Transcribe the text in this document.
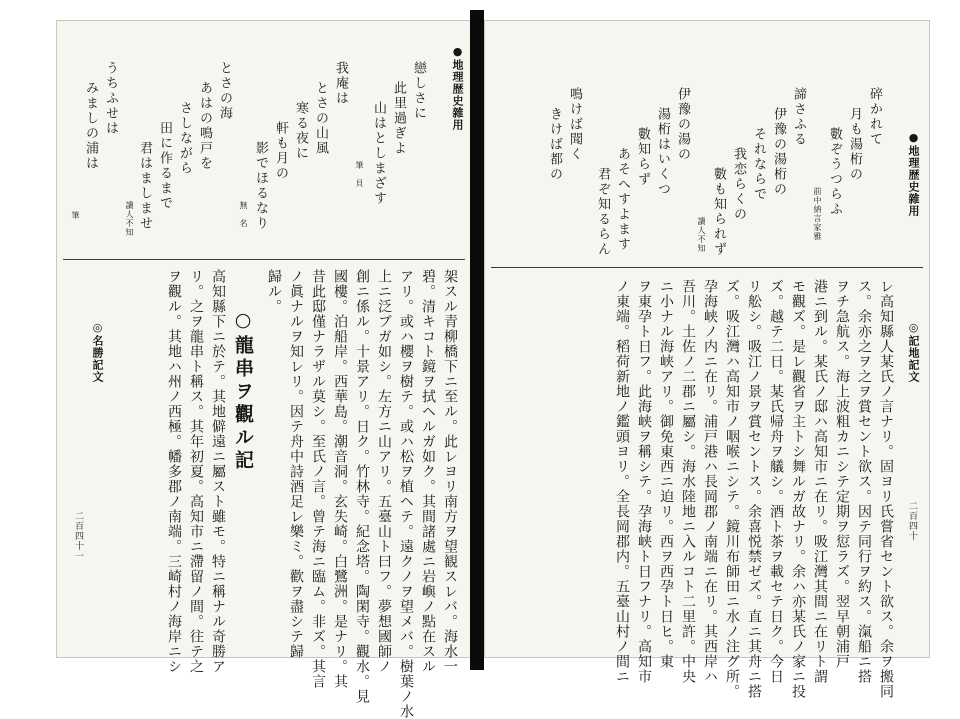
●地理歴史雜用
戀しさに
此里過ぎよ
山はとしまざす
筆　貝
我庵は
とさの山風
寒る夜に
軒も月の
影でほるなり
無　名
とさの海
あはの鳴戸を
さしながら
田に作るまで
君はましませ
讀人不知
うちふせは
みましの浦は
筆
架スル青柳橋下ニ至ル。此レヨリ南方ヲ望観スレバ。海水一
碧。清キコト鏡ヲ拭ヘルガ如ク。其間諸處ニ岩嶼ノ點在スル
アリ。或ハ櫻ヲ樹テ。或ハ松ヲ植ヘテ。遠クノヲ望メバ。樹葉ノ水
上ニ泛ブガ如シ。左方ニ山アリ。五臺山ト曰フ。夢想國師ノ
創ニ係ル。十景アリ。日ク。竹林寺。紀念塔。陶閑寺。觀水。見
國樓。泊船岸。西華島。潮音洞。玄失崎。白鷺洲。是ナリ。其
昔此邸僅ナラザル莫シ。至氏ノ言。曾テ海ニ臨ム。非ズ。其言
ノ眞ナルヲ知レリ。因テ舟中詩酒足レ樂ミ。歡ヲ盡シテ歸
歸ル。
○龍串ヲ觀ル記
高知縣下ニ於テ。其地僻遠ニ屬スト雖モ。特ニ稱ナル奇勝ア
リ。之ヲ龍串ト稱ス。其年初夏。高知市ニ滯留ノ間。往テ之
ヲ觀ル。其地ハ州ノ西極。幡多郡ノ南端。三崎村ノ海岸ニシ
◎名勝記文
二百四十一
●地理歴史雜用
碎かれて
月も湯桁の
數ぞうつらふ
前中納言家雅
諦さふる
伊豫の湯桁の
それならで
我恋らくの
數も知られず
讀人不知
伊豫の湯の
湯桁はいくつ
數知らず
あそへすよます
君ぞ知るらん
鳴けば聞く
きけば都の
◎記地記文
二百四十
レ高知縣人某氏ノ言ナリ。固ヨリ氏嘗省セント欲ス。余ヲ搬同
ス。余亦之ヲ之ヲ賞セント欲ス。因テ同行ヲ約ス。滊船ニ搭
ヲチ急航ス。海上波粗カニシテ定期ヲ愆ラズ。翌早朝浦戸
港ニ到ル。某氏ノ邸ハ高知市ニ在リ。吸江灣其間ニ在リト謂
モ觀ズ。是レ觀省ヲ主トシ舞ルガ故ナリ。余ハ亦某氏ノ家ニ投
ズ。越テ二日。某氏帰舟ヲ艤シ。酒ト茶ヲ載セテ日ク。今日
リ舩シ。吸江ノ景ヲ賞セントス。余喜悦禁ゼズ。直ニ其舟ニ搭
ズ。吸江灣ハ高知市ノ咽喉ニシテ。鏡川布師田ニ水ノ注グ所。
孕海峡ノ内ニ在リ。浦戸港ハ長岡郡ノ南端ニ在リ。其西岸ハ
吾川。土佐ノ二郡ニ屬シ。海水陸地ニ入ルコト二里許。中央
ニ小ナル海峡アリ。御免東西ニ迫リ。西ヲ西孕ト日ヒ。東
ヲ東孕ト日フ。此海峡ヲ稱シテ。孕海峡ト日フナリ。高知市
ノ東端。稻荷新地ノ鑑頭ヨリ。全長岡郡内。五臺山村ノ間ニ
